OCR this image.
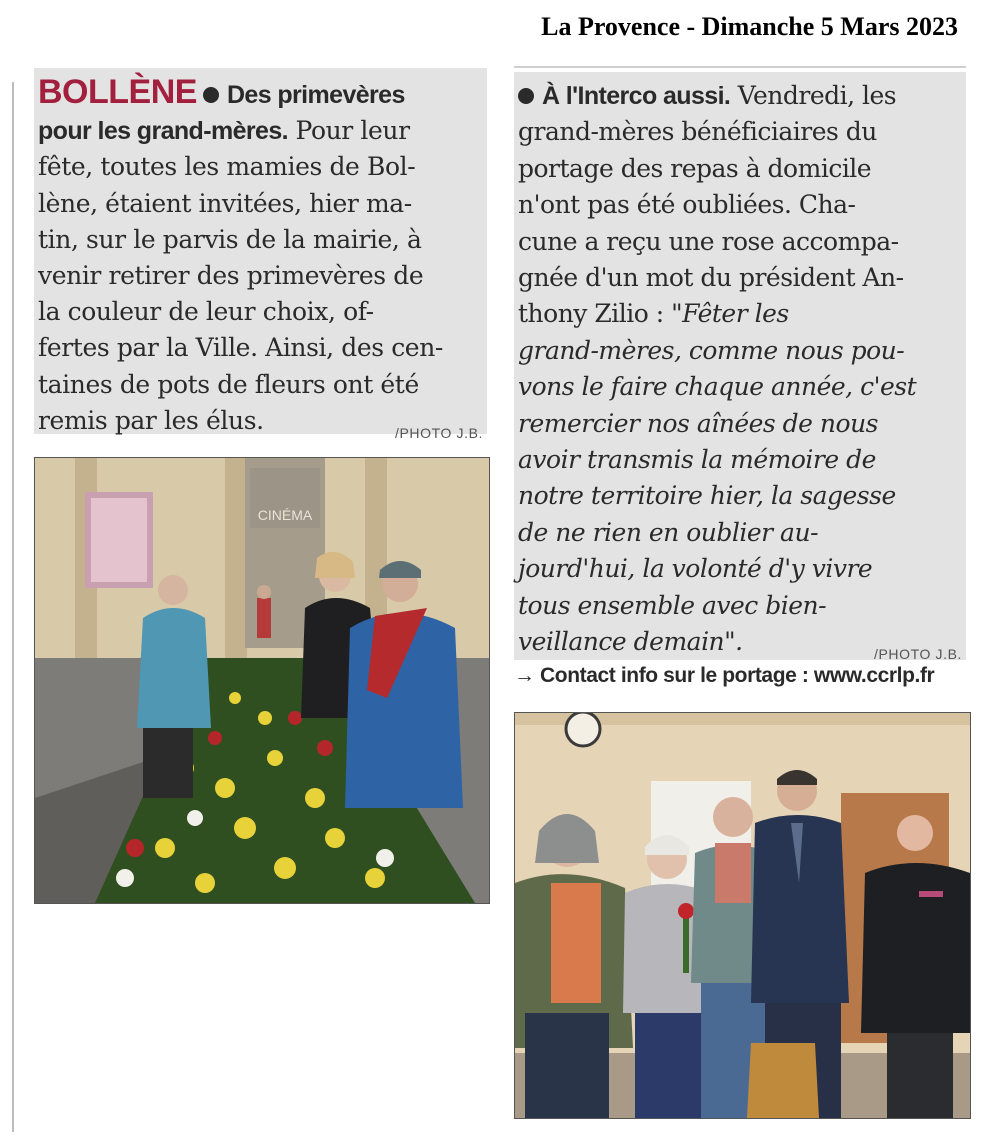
La Provence - Dimanche 5 Mars 2023
BOLLÈNE Des primevères
pour les grand-mères. Pour leur
fête, toutes les mamies de Bol-
lène, étaient invitées, hier ma-
tin, sur le parvis de la mairie, à
venir retirer des primevères de
la couleur de leur choix, of-
fertes par la Ville. Ainsi, des cen-
taines de pots de fleurs ont été
remis par les élus.	/PHOTO J.B.
CINÉMA
À l'Interco aussi. Vendredi, les
grand-mères bénéficiaires du
portage des repas à domicile
n'ont pas été oubliées. Cha-
cune a reçu une rose accompa-
gnée d'un mot du président An-
thony Zilio : "Fêter les
grand-mères, comme nous pou-
vons le faire chaque année, c'est
remercier nos aînées de nous
avoir transmis la mémoire de
notre territoire hier, la sagesse
de ne rien en oublier au-
jourd'hui, la volonté d'y vivre
tous ensemble avec bien-
veillance demain".	/PHOTO J.B.
→ Contact info sur le portage : www.ccrlp.fr
